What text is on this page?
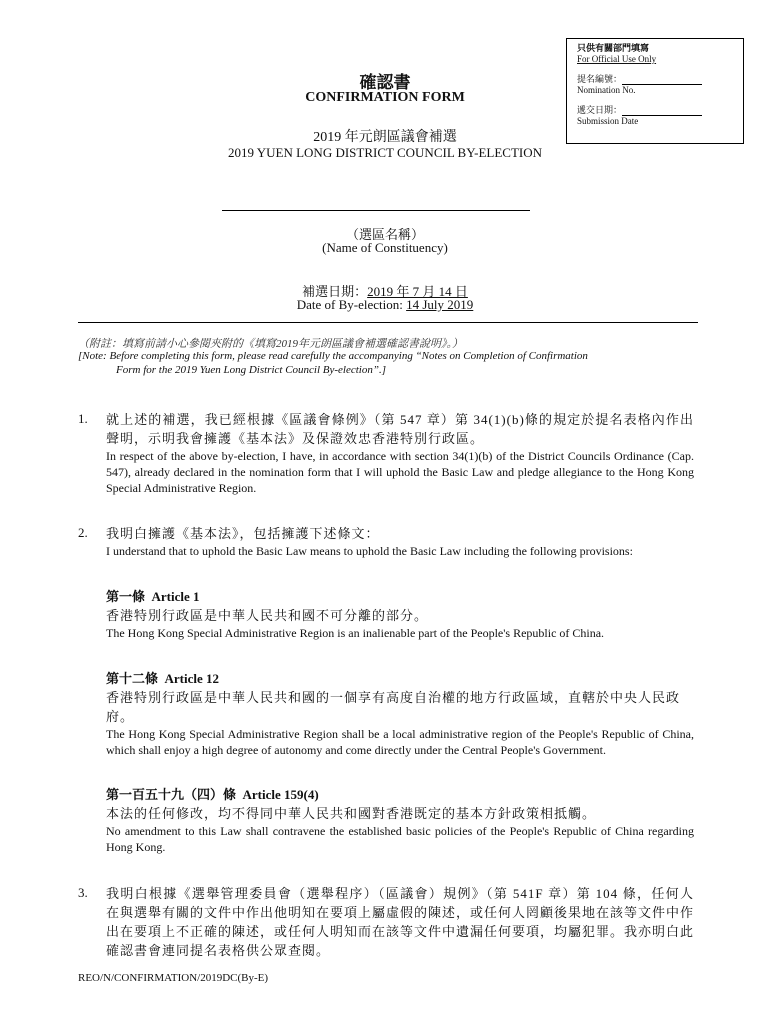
只供有關部門填寫
For Official Use Only
提名編號：
Nomination No.
遞交日期：
Submission Date
確認書
CONFIRMATION FORM
2019 年元朗區議會補選
2019 YUEN LONG DISTRICT COUNCIL BY-ELECTION
（選區名稱）
(Name of Constituency)
補選日期：2019 年 7 月 14 日
Date of By-election: 14 July 2019
（附註：填寫前請小心參閱夾附的《填寫2019年元朗區議會補選確認書說明》。）
[Note: Before completing this form, please read carefully the accompanying “Notes on Completion of Confirmation
Form for the 2019 Yuen Long District Council By-election”.]
1. 就上述的補選，我已經根據《區議會條例》（第 547 章）第 34(1)(b)條的規定於提名表格內作出聲明，示明我會擁護《基本法》及保證效忠香港特別行政區。
In respect of the above by-election, I have, in accordance with section 34(1)(b) of the District Councils Ordinance (Cap. 547), already declared in the nomination form that I will uphold the Basic Law and pledge allegiance to the Hong Kong Special Administrative Region.
2. 我明白擁護《基本法》，包括擁護下述條文：
I understand that to uphold the Basic Law means to uphold the Basic Law including the following provisions:
第一條 Article 1
香港特別行政區是中華人民共和國不可分離的部分。
The Hong Kong Special Administrative Region is an inalienable part of the People's Republic of China.
第十二條 Article 12
香港特別行政區是中華人民共和國的一個享有高度自治權的地方行政區域，直轄於中央人民政府。
The Hong Kong Special Administrative Region shall be a local administrative region of the People's Republic of China, which shall enjoy a high degree of autonomy and come directly under the Central People's Government.
第一百五十九（四）條 Article 159(4)
本法的任何修改，均不得同中華人民共和國對香港既定的基本方針政策相抵觸。
No amendment to this Law shall contravene the established basic policies of the People's Republic of China regarding Hong Kong.
3. 我明白根據《選舉管理委員會（選舉程序）（區議會）規例》（第 541F 章）第 104 條，任何人在與選舉有關的文件中作出他明知在要項上屬虛假的陳述，或任何人罔顧後果地在該等文件中作出在要項上不正確的陳述，或任何人明知而在該等文件中遺漏任何要項，均屬犯罪。我亦明白此確認書會連同提名表格供公眾查閱。
REO/N/CONFIRMATION/2019DC(By-E)
